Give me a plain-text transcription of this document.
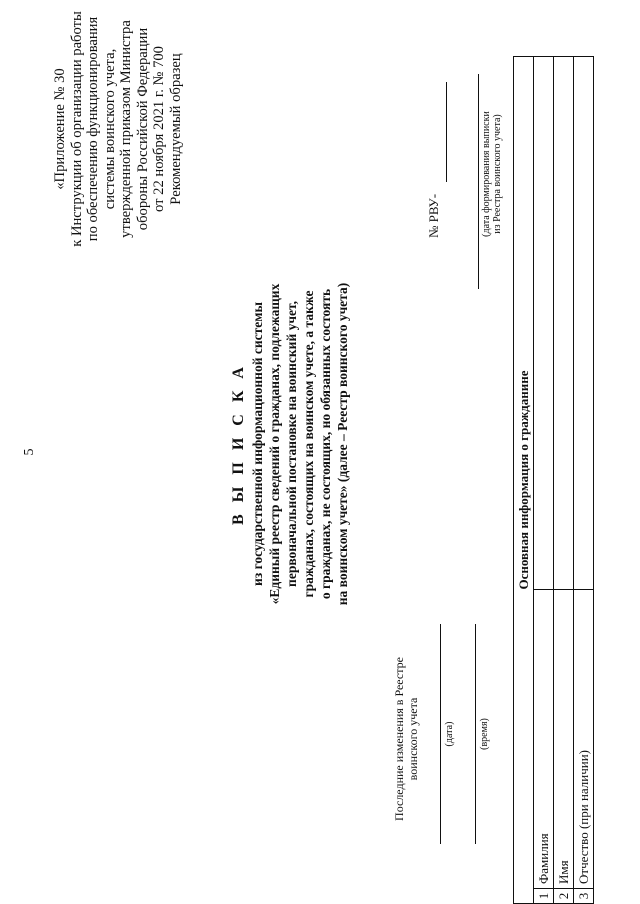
5
«Приложение № 30 к Инструкции об организации работы по обеспечению функционирования системы воинского учета, утвержденной приказом Министра обороны Российской Федерации от 22 ноября 2021 г. № 700 Рекомендуемый образец
В Ы П И С К А из государственной информационной системы «Единый реестр сведений о гражданах, подлежащих первоначальной постановке на воинский учет, гражданах, состоящих на воинском учете, а также о гражданах, не состоящих, но обязанных состоять на воинском учете» (далее – Реестр воинского учета)
Последние изменения в Реестре воинского учета (дата) (время)
№ РВУ-	(дата формирования выписки из Реестра воинского учета)
Основная информация о гражданине		
1	Фамилия	
2	Имя	
3	Отчество (при наличии)	
